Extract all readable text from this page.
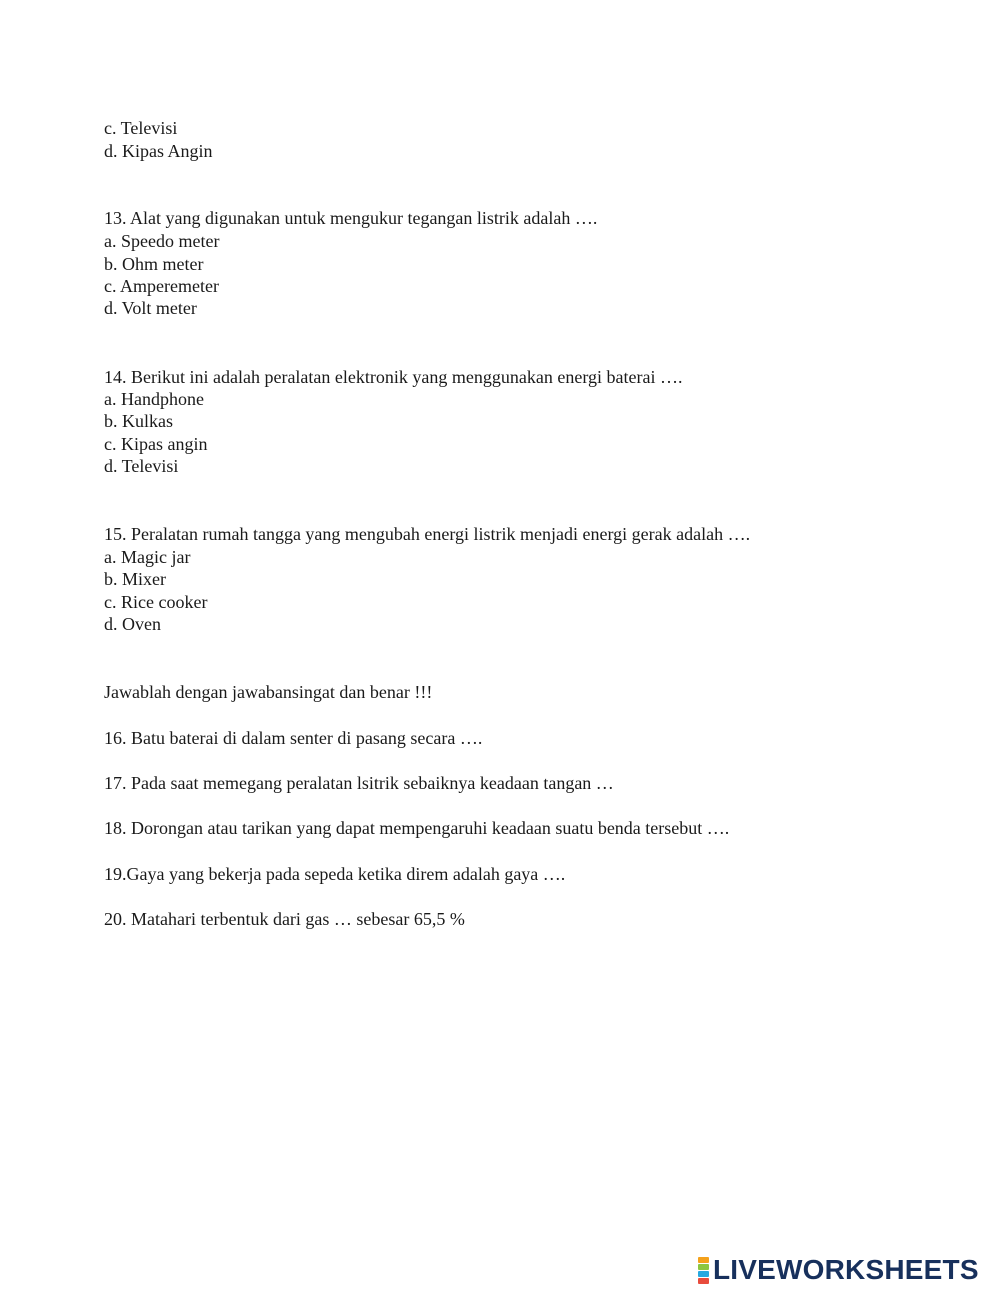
c. Televisi
d. Kipas Angin
13. Alat yang digunakan untuk mengukur tegangan listrik adalah ….
a. Speedo meter
b. Ohm meter
c. Amperemeter
d. Volt meter
14. Berikut ini adalah peralatan elektronik yang menggunakan energi baterai ….
a. Handphone
b. Kulkas
c. Kipas angin
d. Televisi
15. Peralatan rumah tangga yang mengubah energi listrik menjadi energi gerak adalah ….
a. Magic jar
b. Mixer
c. Rice cooker
d. Oven
Jawablah dengan jawabansingat dan benar !!!
16. Batu baterai di dalam senter di pasang secara ….
17. Pada saat memegang peralatan lsitrik sebaiknya keadaan tangan …
18. Dorongan atau tarikan yang dapat mempengaruhi keadaan suatu benda tersebut ….
19.Gaya yang bekerja pada sepeda ketika direm adalah gaya ….
20. Matahari terbentuk dari gas … sebesar 65,5 %
LIVEWORKSHEETS
